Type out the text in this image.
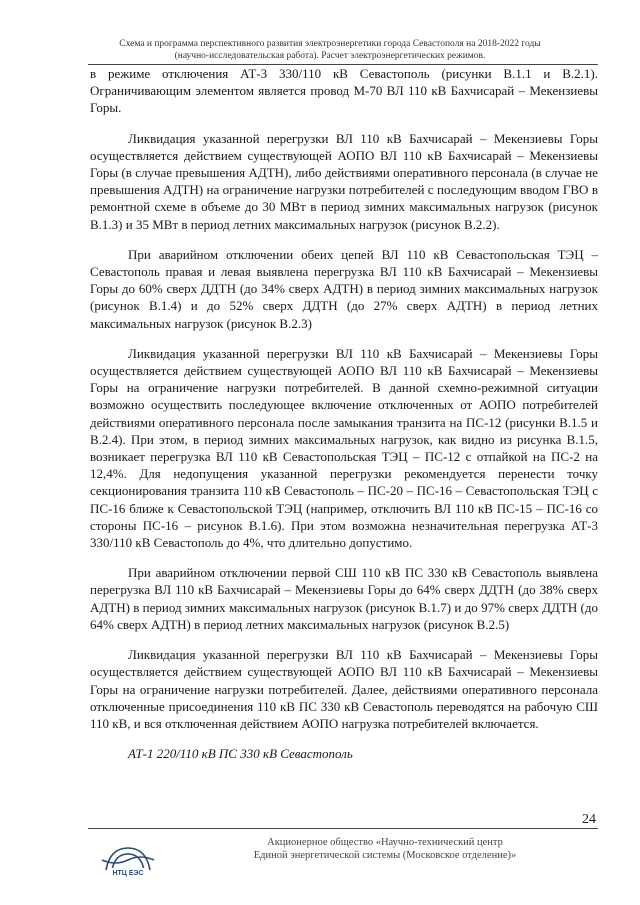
Схема и программа перспективного развития электроэнергетики города Севастополя на 2018-2022 годы
(научно-исследовательская работа). Расчет электроэнергетических режимов.

в режиме отключения АТ-3 330/110 кВ Севастополь (рисунки В.1.1 и В.2.1). Ограничивающим элементом является провод М-70 ВЛ 110 кВ Бахчисарай – Мекензиевы Горы.

Ликвидация указанной перегрузки ВЛ 110 кВ Бахчисарай – Мекензиевы Горы осуществляется действием существующей АОПО ВЛ 110 кВ Бахчисарай – Мекензиевы Горы (в случае превышения АДТН), либо действиями оперативного персонала (в случае не превышения АДТН) на ограничение нагрузки потребителей с последующим вводом ГВО в ремонтной схеме в объеме до 30 МВт в период зимних максимальных нагрузок (рисунок В.1.3) и 35 МВт в период летних максимальных нагрузок (рисунок В.2.2).

При аварийном отключении обеих цепей ВЛ 110 кВ Севастопольская ТЭЦ – Севастополь правая и левая выявлена перегрузка ВЛ 110 кВ Бахчисарай – Мекензиевы Горы до 60% сверх ДДТН (до 34% сверх АДТН) в период зимних максимальных нагрузок (рисунок В.1.4) и до 52% сверх ДДТН (до 27% сверх АДТН) в период летних максимальных нагрузок (рисунок В.2.3)

Ликвидация указанной перегрузки ВЛ 110 кВ Бахчисарай – Мекензиевы Горы осуществляется действием существующей АОПО ВЛ 110 кВ Бахчисарай – Мекензиевы Горы на ограничение нагрузки потребителей. В данной схемно-режимной ситуации возможно осуществить последующее включение отключенных от АОПО потребителей действиями оперативного персонала после замыкания транзита на ПС-12 (рисунки В.1.5 и В.2.4). При этом, в период зимних максимальных нагрузок, как видно из рисунка В.1.5, возникает перегрузка ВЛ 110 кВ Севастопольская ТЭЦ – ПС-12 с отпайкой на ПС-2 на 12,4%. Для недопущения указанной перегрузки рекомендуется перенести точку секционирования транзита 110 кВ Севастополь – ПС-20 – ПС-16 – Севастопольская ТЭЦ с ПС-16 ближе к Севастопольской ТЭЦ (например, отключить ВЛ 110 кВ ПС-15 – ПС-16 со стороны ПС-16 – рисунок В.1.6). При этом возможна незначительная перегрузка АТ-3 330/110 кВ Севастополь до 4%, что длительно допустимо.

При аварийном отключении первой СШ 110 кВ ПС 330 кВ Севастополь выявлена перегрузка ВЛ 110 кВ Бахчисарай – Мекензиевы Горы до 64% сверх ДДТН (до 38% сверх АДТН) в период зимних максимальных нагрузок (рисунок В.1.7) и до 97% сверх ДДТН (до 64% сверх АДТН) в период летних максимальных нагрузок (рисунок В.2.5)

Ликвидация указанной перегрузки ВЛ 110 кВ Бахчисарай – Мекензиевы Горы осуществляется действием существующей АОПО ВЛ 110 кВ Бахчисарай – Мекензиевы Горы на ограничение нагрузки потребителей. Далее, действиями оперативного персонала отключенные присоединения 110 кВ ПС 330 кВ Севастополь переводятся на рабочую СШ 110 кВ, и вся отключенная действием АОПО нагрузка потребителей включается.

АТ-1 220/110 кВ ПС 330 кВ Севастополь

24
НТЦ ЕЭС
Акционерное общество «Научно-технический центр
Единой энергетической системы (Московское отделение)»
